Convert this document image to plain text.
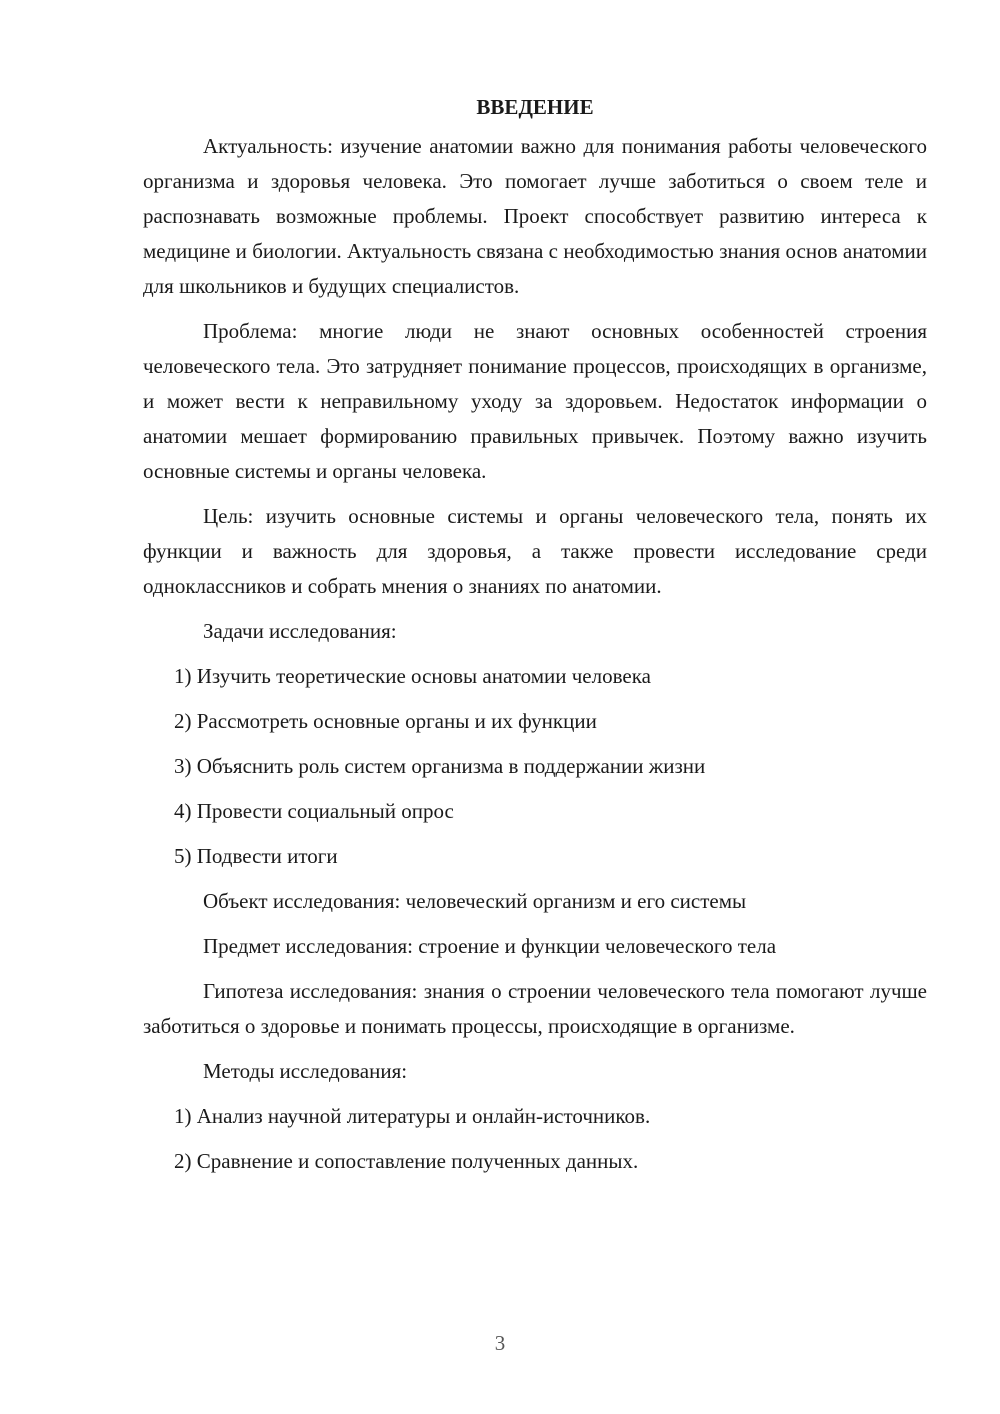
ВВЕДЕНИЕ
Актуальность: изучение анатомии важно для понимания работы человеческого организма и здоровья человека. Это помогает лучше заботиться о своем теле и распознавать возможные проблемы. Проект способствует развитию интереса к медицине и биологии. Актуальность связана с необходимостью знания основ анатомии для школьников и будущих специалистов.
Проблема: многие люди не знают основных особенностей строения человеческого тела. Это затрудняет понимание процессов, происходящих в организме, и может вести к неправильному уходу за здоровьем. Недостаток информации о анатомии мешает формированию правильных привычек. Поэтому важно изучить основные системы и органы человека.
Цель: изучить основные системы и органы человеческого тела, понять их функции и важность для здоровья, а также провести исследование среди одноклассников и собрать мнения о знаниях по анатомии.
Задачи исследования:
1) Изучить теоретические основы анатомии человека
2) Рассмотреть основные органы и их функции
3) Объяснить роль систем организма в поддержании жизни
4) Провести социальный опрос
5) Подвести итоги
Объект исследования: человеческий организм и его системы
Предмет исследования: строение и функции человеческого тела
Гипотеза исследования: знания о строении человеческого тела помогают лучше заботиться о здоровье и понимать процессы, происходящие в организме.
Методы исследования:
1) Анализ научной литературы и онлайн-источников.
2) Сравнение и сопоставление полученных данных.
3
